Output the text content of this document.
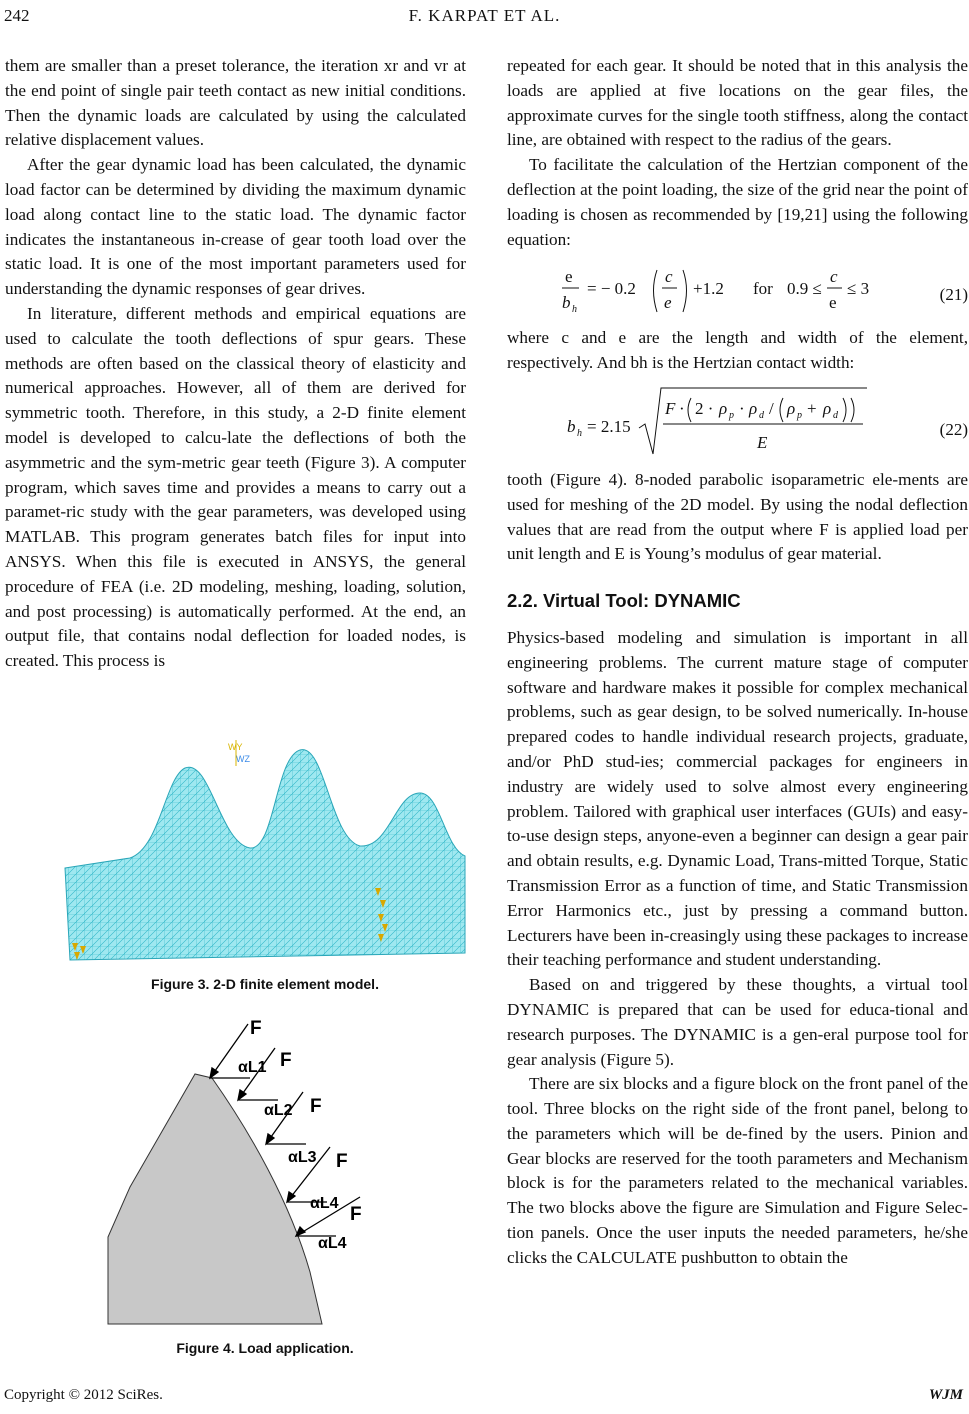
242	F. KARPAT ET AL.

them are smaller than a preset tolerance, the iteration xr and vr at the end point of single pair teeth contact as new initial conditions. Then the dynamic loads are calculated by using the calculated relative displacement values.

After the gear dynamic load has been calculated, the dynamic load factor can be determined by dividing the maximum dynamic load along contact line to the static load. The dynamic factor indicates the instantaneous in-crease of gear tooth load over the static load. It is one of the most important parameters used for understanding the dynamic responses of gear drives.

In literature, different methods and empirical equations are used to calculate the tooth deflections of spur gears. These methods are often based on the classical theory of elasticity and numerical approaches. However, all of them are derived for symmetric tooth. Therefore, in this study, a 2-D finite element model is developed to calcu-late the deflections of both the asymmetric and the sym-metric gear teeth (Figure 3). A computer program, which saves time and provides a means to carry out a paramet-ric study with the gear parameters, was developed using MATLAB. This program generates batch files for input into ANSYS. When this file is executed in ANSYS, the general procedure of FEA (i.e. 2D modeling, meshing, loading, solution, and post processing) is automatically performed. At the end, an output file, that contains nodal deflection for loaded nodes, is created. This process is

WY
WZ
Figure 3. 2-D finite element model.
F
F
F
F
F
αL1
αL2
αL3
αL4
αL4
Figure 4. Load application.

repeated for each gear. It should be noted that in this analysis the loads are applied at five locations on the gear files, the approximate curves for the single tooth stiffness, along the contact line, are obtained with respect to the radius of the gears.

To facilitate the calculation of the Hertzian component of the deflection at the point loading, the size of the grid near the point of loading is chosen as recommended by [19,21] using the following equation:

e
b h
= − 0.2
c
e
+1.2 for 0.9 ≤
c
e
≤ 3	(21)

where c and e are the length and width of the element, respectively. And bh is the Hertzian contact width:

b h = 2.15
F · 2 · ρ p · ρ d / ρ p + ρ d
E
(22)

tooth (Figure 4). 8-noded parabolic isoparametric ele-ments are used for meshing of the 2D model. By using the nodal deflection values that are read from the output where F is applied load per unit length and E is Young’s modulus of gear material.

2.2. Virtual Tool: DYNAMIC

Physics-based modeling and simulation is important in all engineering problems. The current mature stage of computer software and hardware makes it possible for complex mechanical problems, such as gear design, to be solved numerically. In-house prepared codes to handle individual research projects, graduate, and/or PhD stud-ies; commercial packages for engineers in industry are widely used to solve almost every engineering problem. Tailored with graphical user interfaces (GUIs) and easy-to-use design steps, anyone-even a beginner can design a gear pair and obtain results, e.g. Dynamic Load, Trans-mitted Torque, Static Transmission Error as a function of time, and Static Transmission Error Harmonics etc., just by pressing a command button. Lecturers have been in-creasingly using these packages to increase their teaching performance and student understanding.

Based on and triggered by these thoughts, a virtual tool DYNAMIC is prepared that can be used for educa-tional and research purposes. The DYNAMIC is a gen-eral purpose tool for gear analysis (Figure 5).

There are six blocks and a figure block on the front panel of the tool. Three blocks on the right side of the front panel, belong to the parameters which will be de-fined by the users. Pinion and Gear blocks are reserved for the tooth parameters and Mechanism block is for the parameters related to the mechanical variables. The two blocks above the figure are Simulation and Figure Selec-tion panels. Once the user inputs the needed parameters, he/she clicks the CALCULATE pushbutton to obtain the

Copyright © 2012 SciRes.	WJM
